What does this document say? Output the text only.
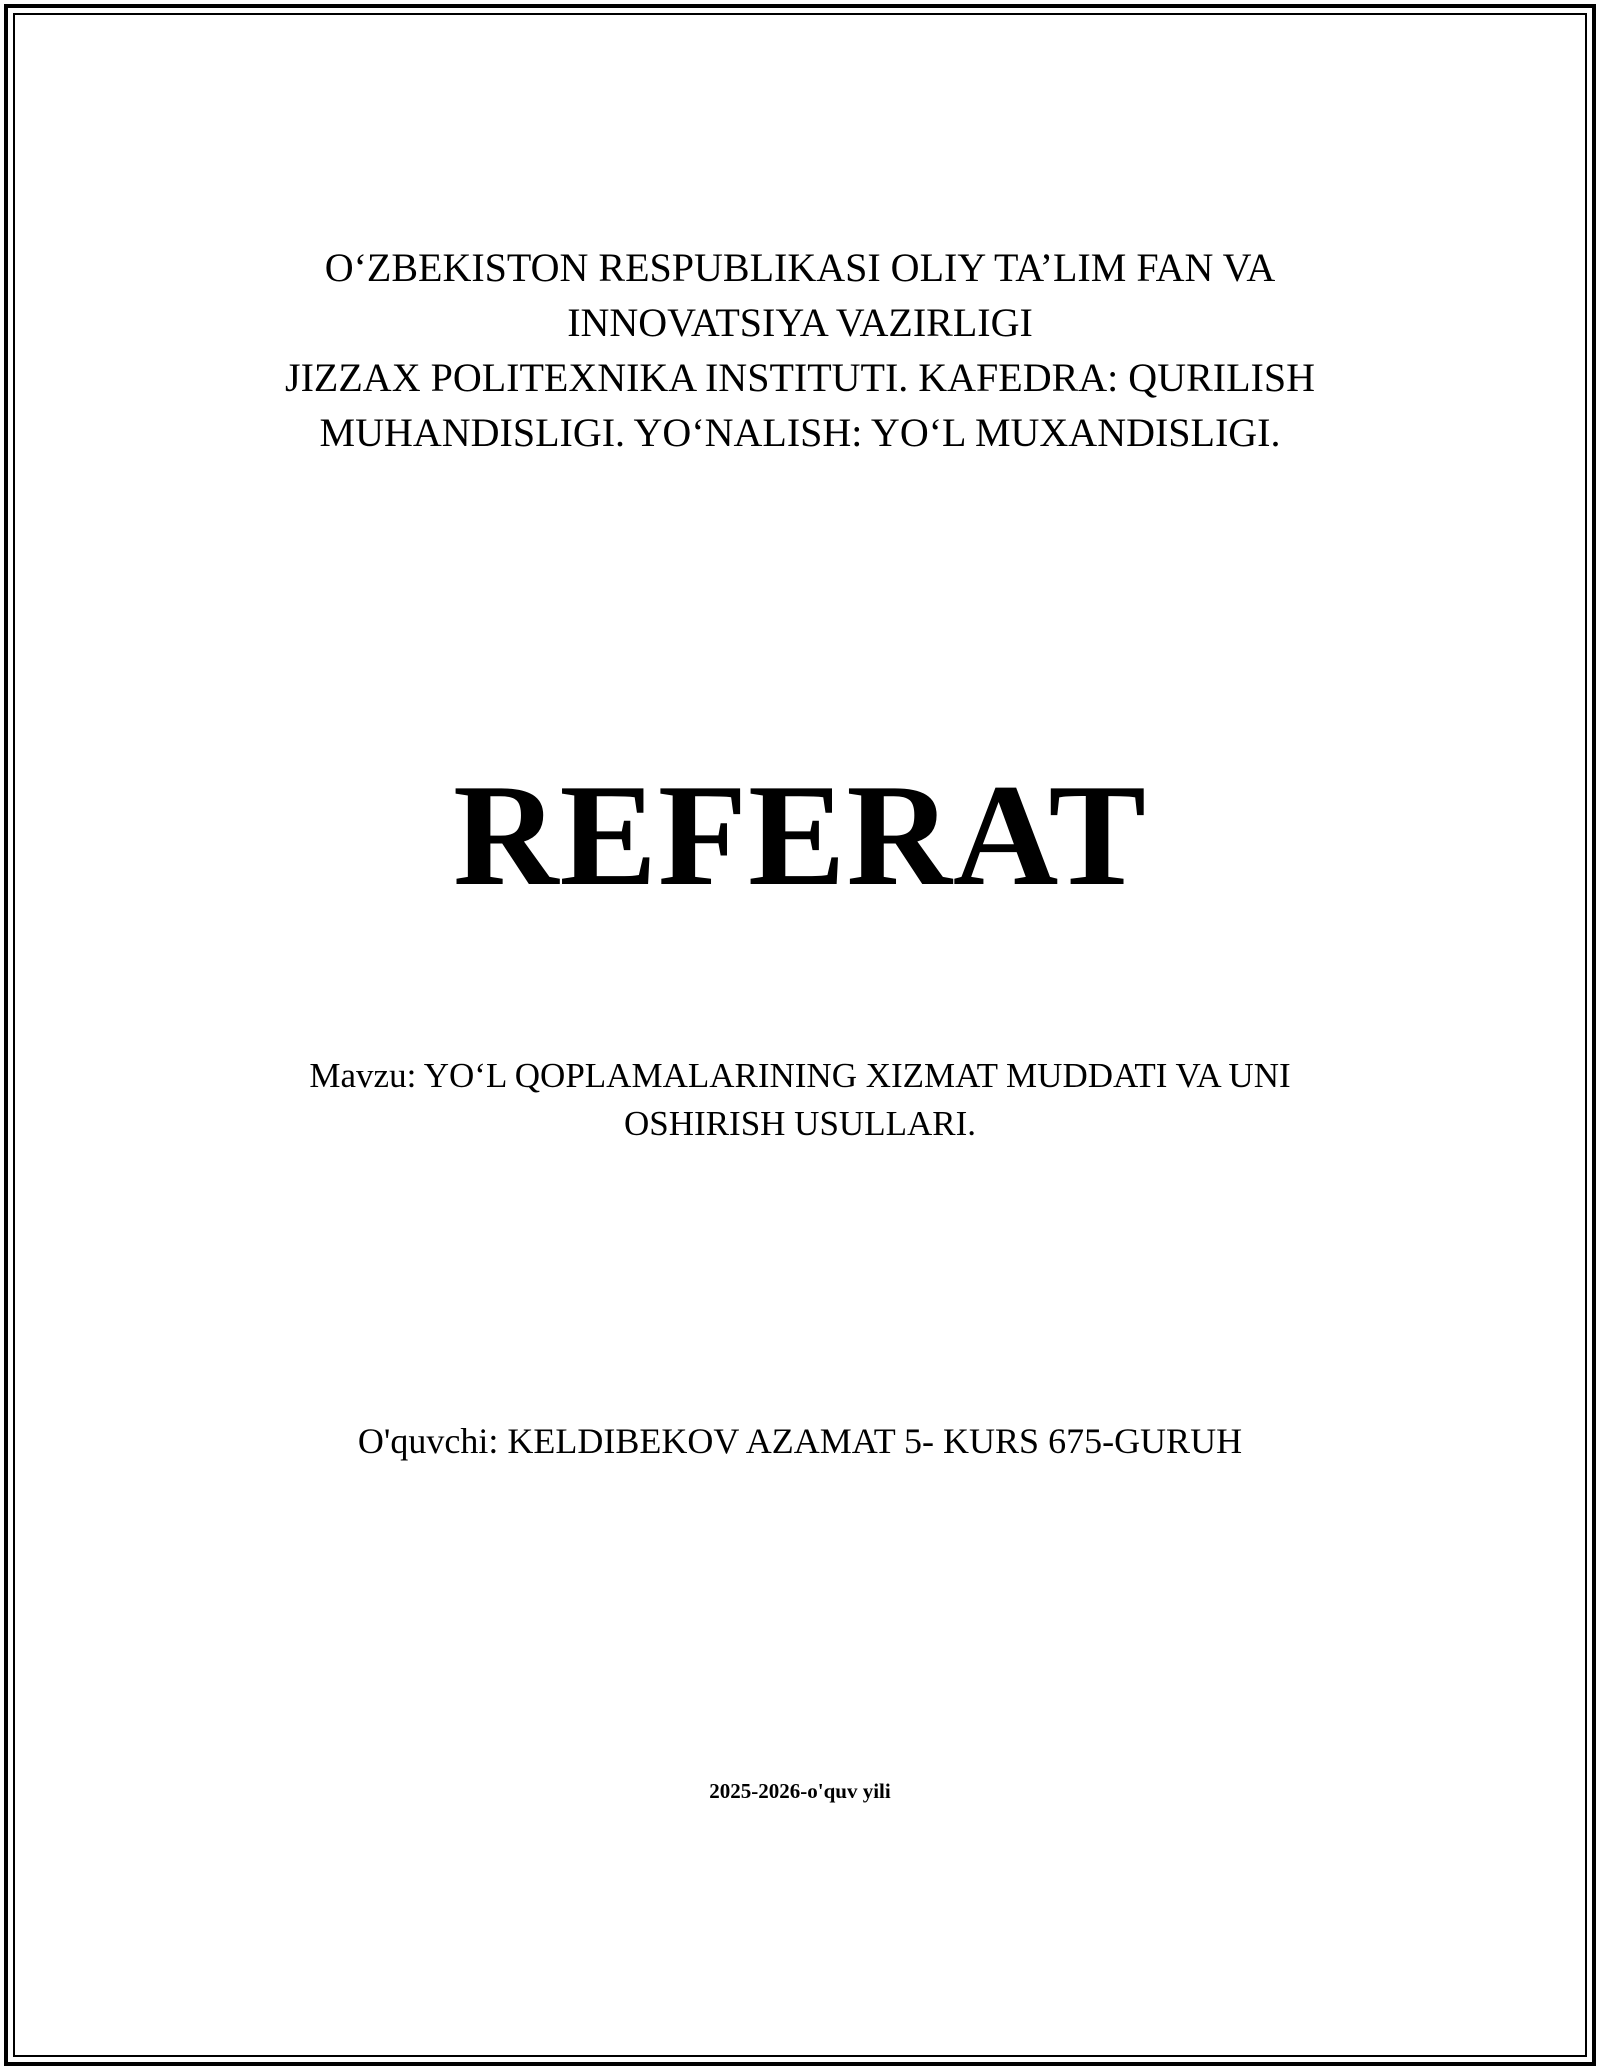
O‘ZBEKISTON RESPUBLIKASI OLIY TA’LIM FAN VA
INNOVATSIYA VAZIRLIGI
JIZZAX POLITEXNIKA INSTITUTI. KAFEDRA: QURILISH
MUHANDISLIGI. YO‘NALISH: YO‘L MUXANDISLIGI.
REFERAT
Mavzu: YO‘L QOPLAMALARINING XIZMAT MUDDATI VA UNI
OSHIRISH USULLARI.
O'quvchi: KELDIBEKOV AZAMAT 5- KURS 675-GURUH
2025-2026-o'quv yili
